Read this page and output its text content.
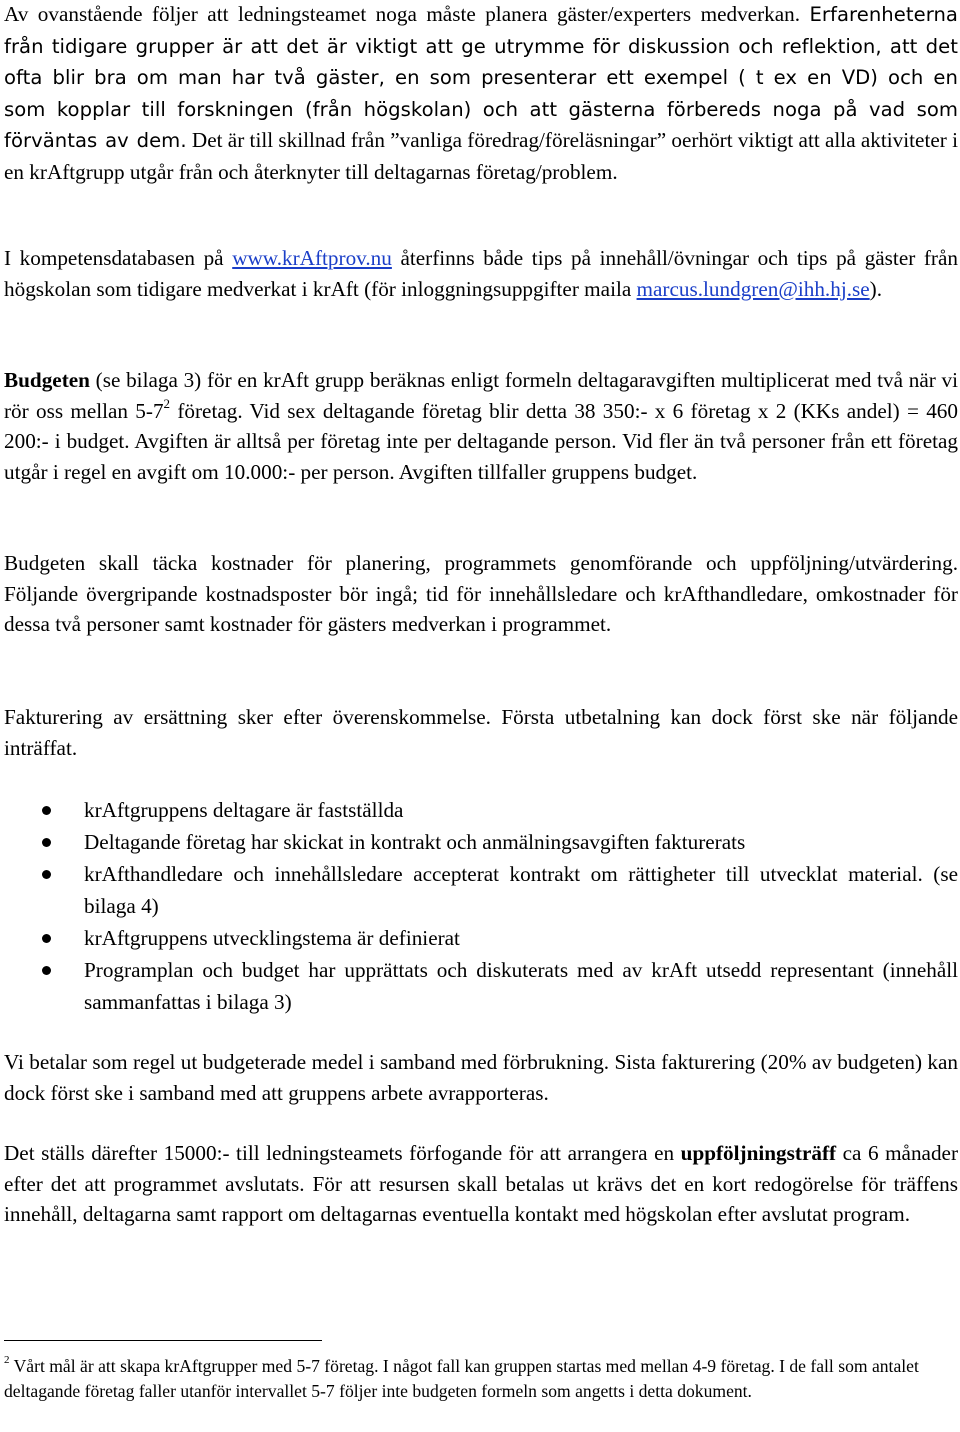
Av ovanstående följer att ledningsteamet noga måste planera gäster/experters medverkan. Erfarenheterna från tidigare grupper är att det är viktigt att ge utrymme för diskussion och reflektion, att det ofta blir bra om man har två gäster, en som presenterar ett exempel ( t ex en VD) och en som kopplar till forskningen (från högskolan) och att gästerna förbereds noga på vad som förväntas av dem. Det är till skillnad från ”vanliga föredrag/föreläsningar” oerhört viktigt att alla aktiviteter i en krAftgrupp utgår från och återknyter till deltagarnas företag/problem.

I kompetensdatabasen på www.krAftprov.nu återfinns både tips på innehåll/övningar och tips på gäster från högskolan som tidigare medverkat i krAft (för inloggningsuppgifter maila marcus.lundgren@ihh.hj.se).

Budgeten (se bilaga 3) för en krAft grupp beräknas enligt formeln deltagaravgiften multiplicerat med två när vi rör oss mellan $5-7^2$ företag. Vid sex deltagande företag blir detta 38 350:- x 6 företag x 2 (KKs andel) = 460 200:- i budget. Avgiften är alltså per företag inte per deltagande person. Vid fler än två personer från ett företag utgår i regel en avgift om 10.000:- per person. Avgiften tillfaller gruppens budget.

Budgeten skall täcka kostnader för planering, programmets genomförande och uppföljning/utvärdering. Följande övergripande kostnadsposter bör ingå; tid för innehållsledare och krAfthandledare, omkostnader för dessa två personer samt kostnader för gästers medverkan i programmet.

Fakturering av ersättning sker efter överenskommelse. Första utbetalning kan dock först ske när följande inträffat.

krAftgruppens deltagare är fastställda
Deltagande företag har skickat in kontrakt och anmälningsavgiften fakturerats
krAfthandledare och innehållsledare accepterat kontrakt om rättigheter till utvecklat material. (se bilaga 4)
krAftgruppens utvecklingstema är definierat
Programplan och budget har upprättats och diskuterats med av krAft utsedd representant (innehåll sammanfattas i bilaga 3)

Vi betalar som regel ut budgeterade medel i samband med förbrukning. Sista fakturering (20% av budgeten) kan dock först ske i samband med att gruppens arbete avrapporteras.

Det ställs därefter 15000:- till ledningsteamets förfogande för att arrangera en uppföljningsträff ca 6 månader efter det att programmet avslutats. För att resursen skall betalas ut krävs det en kort redogörelse för träffens innehåll, deltagarna samt rapport om deltagarnas eventuella kontakt med högskolan efter avslutat program.

$^2$ Vårt mål är att skapa krAftgrupper med 5-7 företag. I något fall kan gruppen startas med mellan 4-9 företag. I de fall som antalet deltagande företag faller utanför intervallet 5-7 följer inte budgeten formeln som angetts i detta dokument.
